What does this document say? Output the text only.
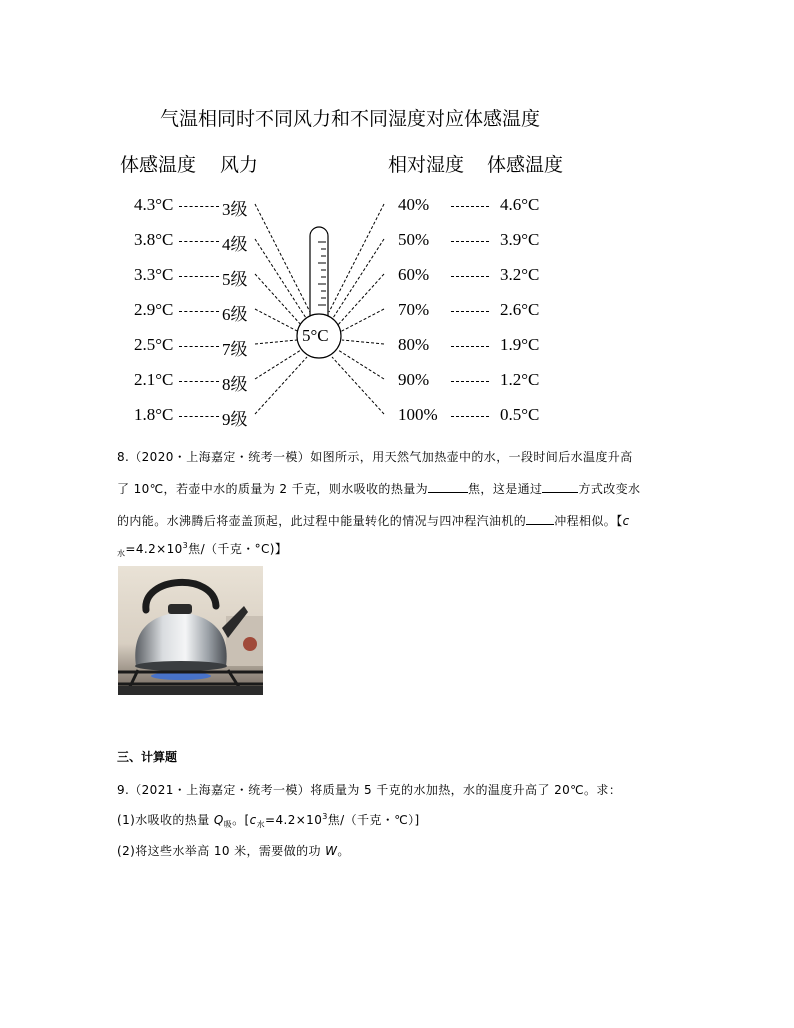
气温相同时不同风力和不同湿度对应体感温度
体感温度 风力	相对湿度 体感温度
5°C
4.3°C	3级
3.8°C	4级
3.3°C	5级
2.9°C	6级
2.5°C	7级
2.1°C	8级
1.8°C	9级
40%	4.6°C
50%	3.9°C
60%	3.2°C
70%	2.6°C
80%	1.9°C
90%	1.2°C
100%	0.5°C
8.（2020・上海嘉定・统考一模）如图所示，用天然气加热壶中的水，一段时间后水温度升高
了 10℃，若壶中水的质量为 2 千克，则水吸收的热量为	焦，这是通过	方式改变水
的内能。水沸腾后将壶盖顶起，此过程中能量转化的情况与四冲程汽油机的 冲程相似。【c
$_水=4.2\times 10^3$焦/（千克・°C)】
三、计算题
9.（2021・上海嘉定・统考一模）将质量为 5 千克的水加热，水的温度升高了 20℃。求：
(1)水吸收的热量 $Q_吸$。[$c_水=4.2\times 10^3$焦/（千克・℃）]
(2)将这些水举高 10 米，需要做的功 W。
